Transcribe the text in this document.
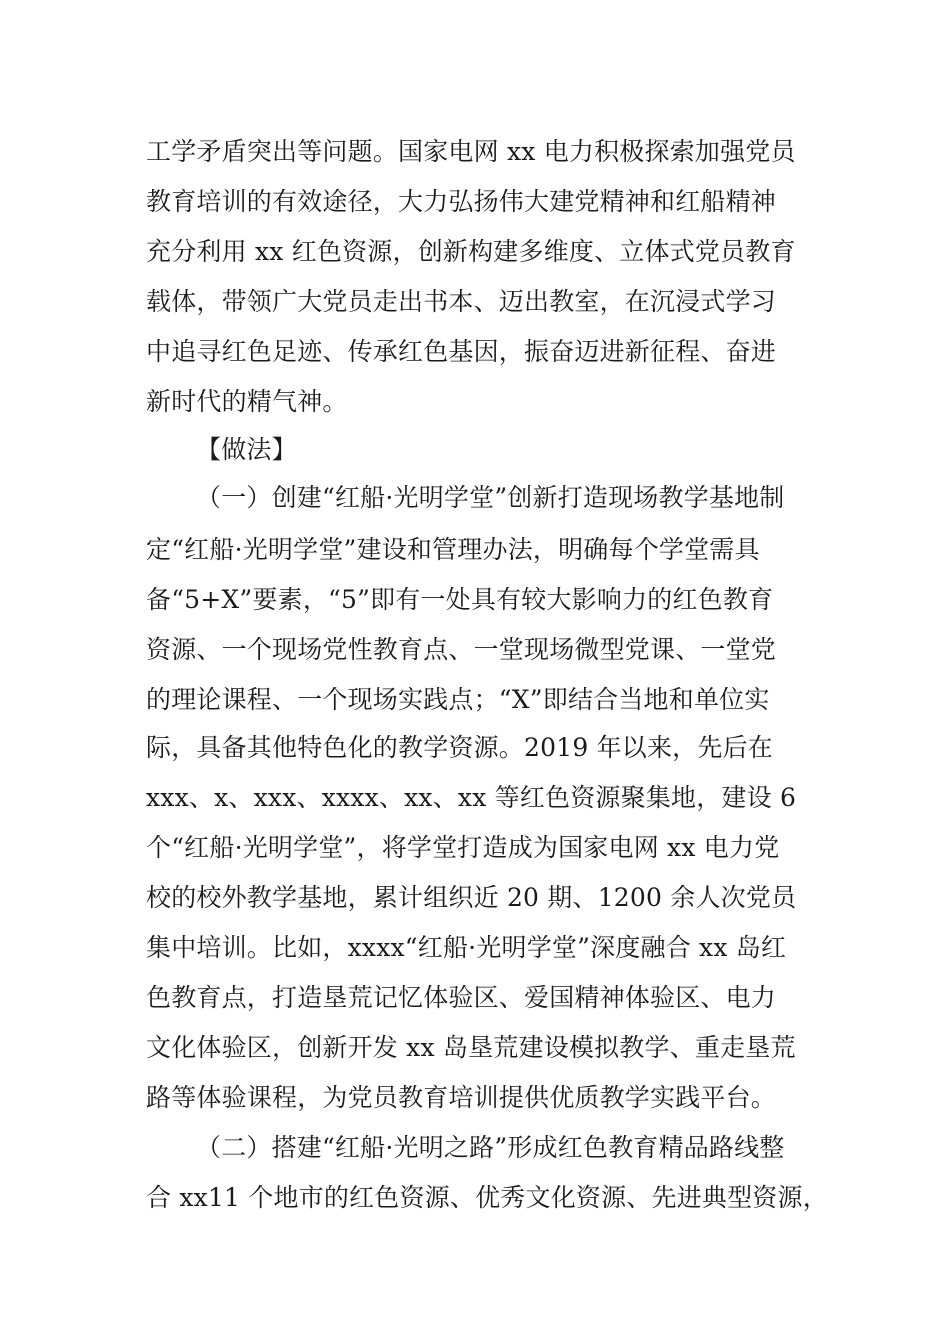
工学矛盾突出等问题。国家电网 xx 电力积极探索加强党员
教育培训的有效途径，大力弘扬伟大建党精神和红船精神
充分利用 xx 红色资源，创新构建多维度、立体式党员教育
载体，带领广大党员走出书本、迈出教室，在沉浸式学习
中追寻红色足迹、传承红色基因，振奋迈进新征程、奋进
新时代的精气神。
【做法】
（一）创建“红船·光明学堂”创新打造现场教学基地制
定“红船·光明学堂”建设和管理办法，明确每个学堂需具
备“5+X”要素，“5”即有一处具有较大影响力的红色教育
资源、一个现场党性教育点、一堂现场微型党课、一堂党
的理论课程、一个现场实践点；“X”即结合当地和单位实
际，具备其他特色化的教学资源。2019 年以来，先后在
xxx、x、xxx、xxxx、xx、xx 等红色资源聚集地，建设 6
个“红船·光明学堂”，将学堂打造成为国家电网 xx 电力党
校的校外教学基地，累计组织近 20 期、1200 余人次党员
集中培训。比如，xxxx“红船·光明学堂”深度融合 xx 岛红
色教育点，打造垦荒记忆体验区、爱国精神体验区、电力
文化体验区，创新开发 xx 岛垦荒建设模拟教学、重走垦荒
路等体验课程，为党员教育培训提供优质教学实践平台。
（二）搭建“红船·光明之路”形成红色教育精品路线整
合 xx11 个地市的红色资源、优秀文化资源、先进典型资源，
